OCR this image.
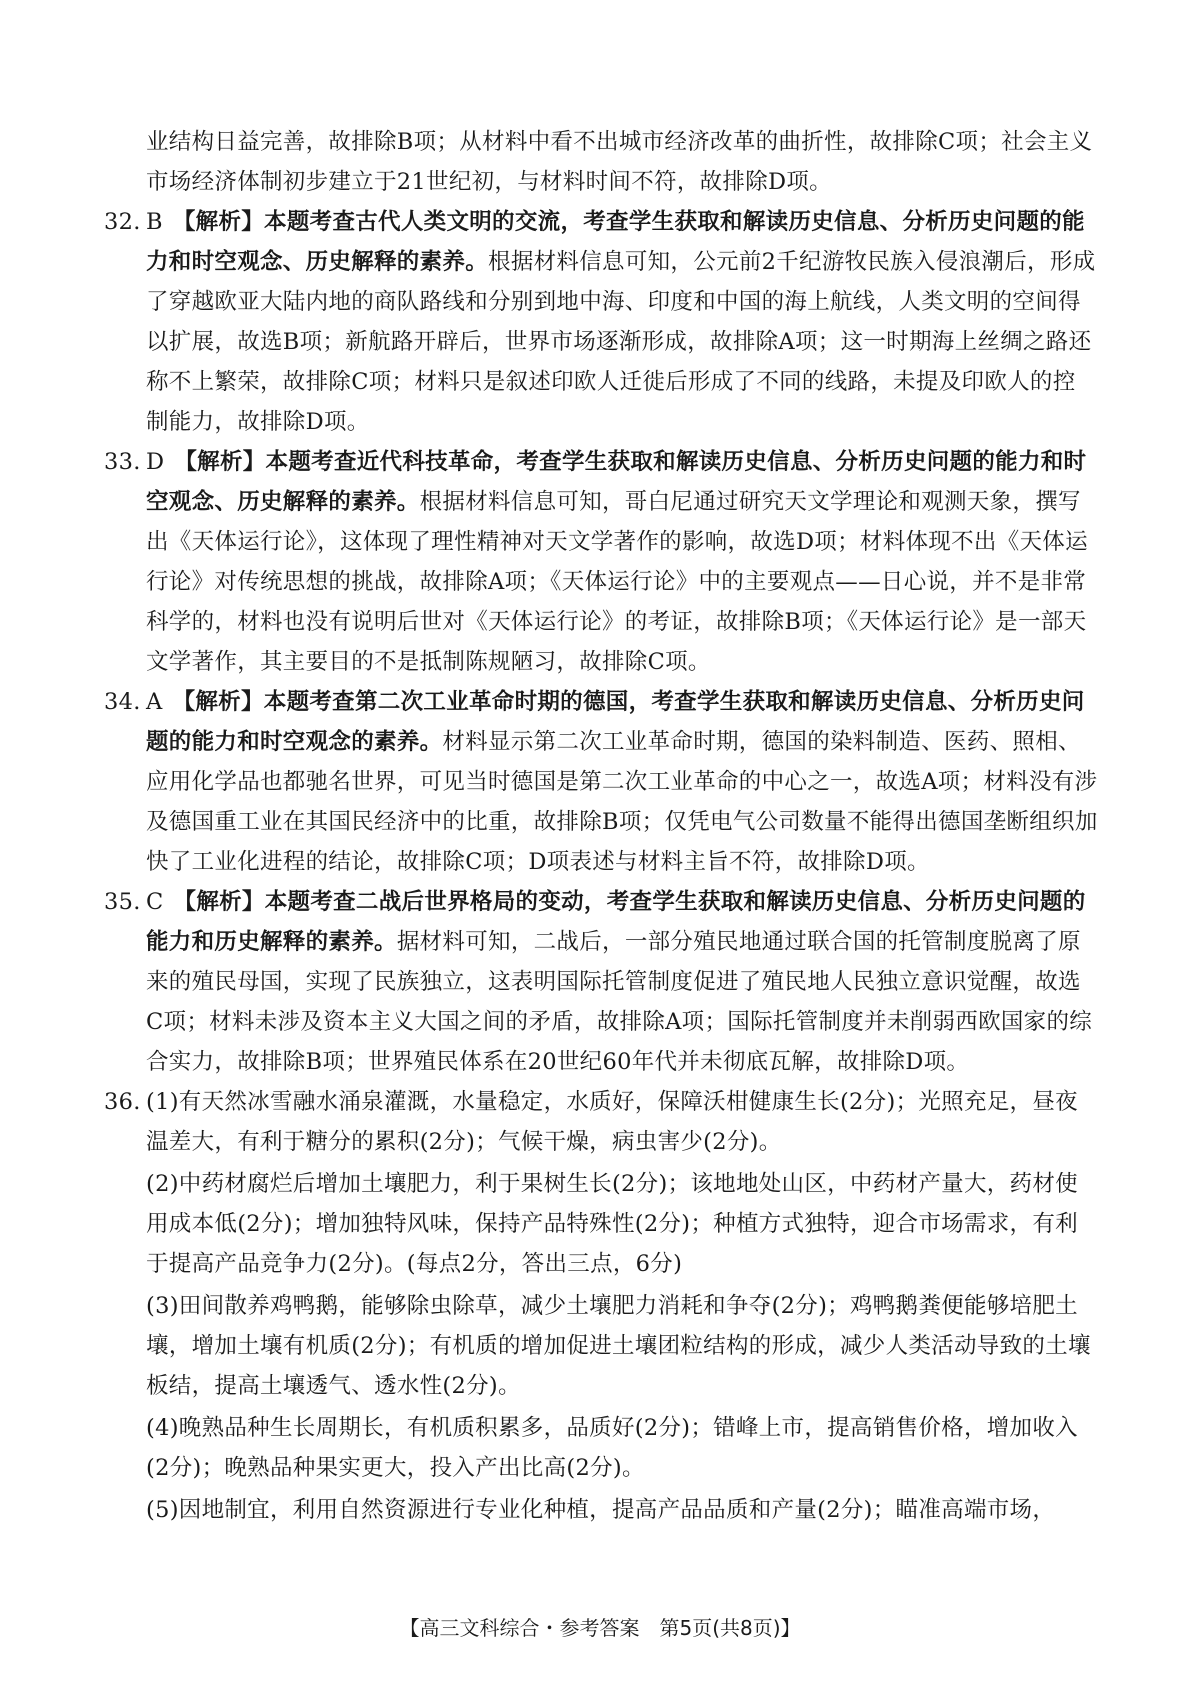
业结构日益完善，故排除B项；从材料中看不出城市经济改革的曲折性，故排除C项；社会主义市场经济体制初步建立于21世纪初，与材料时间不符，故排除D项。

32. B 【解析】本题考查古代人类文明的交流，考查学生获取和解读历史信息、分析历史问题的能力和时空观念、历史解释的素养。根据材料信息可知，公元前2千纪游牧民族入侵浪潮后，形成了穿越欧亚大陆内地的商队路线和分别到地中海、印度和中国的海上航线，人类文明的空间得以扩展，故选B项；新航路开辟后，世界市场逐渐形成，故排除A项；这一时期海上丝绸之路还称不上繁荣，故排除C项；材料只是叙述印欧人迁徙后形成了不同的线路，未提及印欧人的控制能力，故排除D项。
33. D 【解析】本题考查近代科技革命，考查学生获取和解读历史信息、分析历史问题的能力和时空观念、历史解释的素养。根据材料信息可知，哥白尼通过研究天文学理论和观测天象，撰写出《天体运行论》，这体现了理性精神对天文学著作的影响，故选D项；材料体现不出《天体运行论》对传统思想的挑战，故排除A项；《天体运行论》中的主要观点——日心说，并不是非常科学的，材料也没有说明后世对《天体运行论》的考证，故排除B项；《天体运行论》是一部天文学著作，其主要目的不是抵制陈规陋习，故排除C项。
34. A 【解析】本题考查第二次工业革命时期的德国，考查学生获取和解读历史信息、分析历史问题的能力和时空观念的素养。材料显示第二次工业革命时期，德国的染料制造、医药、照相、应用化学品也都驰名世界，可见当时德国是第二次工业革命的中心之一，故选A项；材料没有涉及德国重工业在其国民经济中的比重，故排除B项；仅凭电气公司数量不能得出德国垄断组织加快了工业化进程的结论，故排除C项；D项表述与材料主旨不符，故排除D项。
35. C 【解析】本题考查二战后世界格局的变动，考查学生获取和解读历史信息、分析历史问题的能力和历史解释的素养。据材料可知，二战后，一部分殖民地通过联合国的托管制度脱离了原来的殖民母国，实现了民族独立，这表明国际托管制度促进了殖民地人民独立意识觉醒，故选C项；材料未涉及资本主义大国之间的矛盾，故排除A项；国际托管制度并未削弱西欧国家的综合实力，故排除B项；世界殖民体系在20世纪60年代并未彻底瓦解，故排除D项。
36. (1)有天然冰雪融水涌泉灌溉，水量稳定，水质好，保障沃柑健康生长(2分)；光照充足，昼夜温差大，有利于糖分的累积(2分)；气候干燥，病虫害少(2分)。

(2)中药材腐烂后增加土壤肥力，利于果树生长(2分)；该地地处山区，中药材产量大，药材使用成本低(2分)；增加独特风味，保持产品特殊性(2分)；种植方式独特，迎合市场需求，有利于提高产品竞争力(2分)。(每点2分，答出三点，6分)

(3)田间散养鸡鸭鹅，能够除虫除草，减少土壤肥力消耗和争夺(2分)；鸡鸭鹅粪便能够培肥土壤，增加土壤有机质(2分)；有机质的增加促进土壤团粒结构的形成，减少人类活动导致的土壤板结，提高土壤透气、透水性(2分)。

(4)晚熟品种生长周期长，有机质积累多，品质好(2分)；错峰上市，提高销售价格，增加收入(2分)；晚熟品种果实更大，投入产出比高(2分)。

(5)因地制宜，利用自然资源进行专业化种植，提高产品品质和产量(2分)；瞄准高端市场，

【高三文科综合・参考答案　第5页(共8页)】
